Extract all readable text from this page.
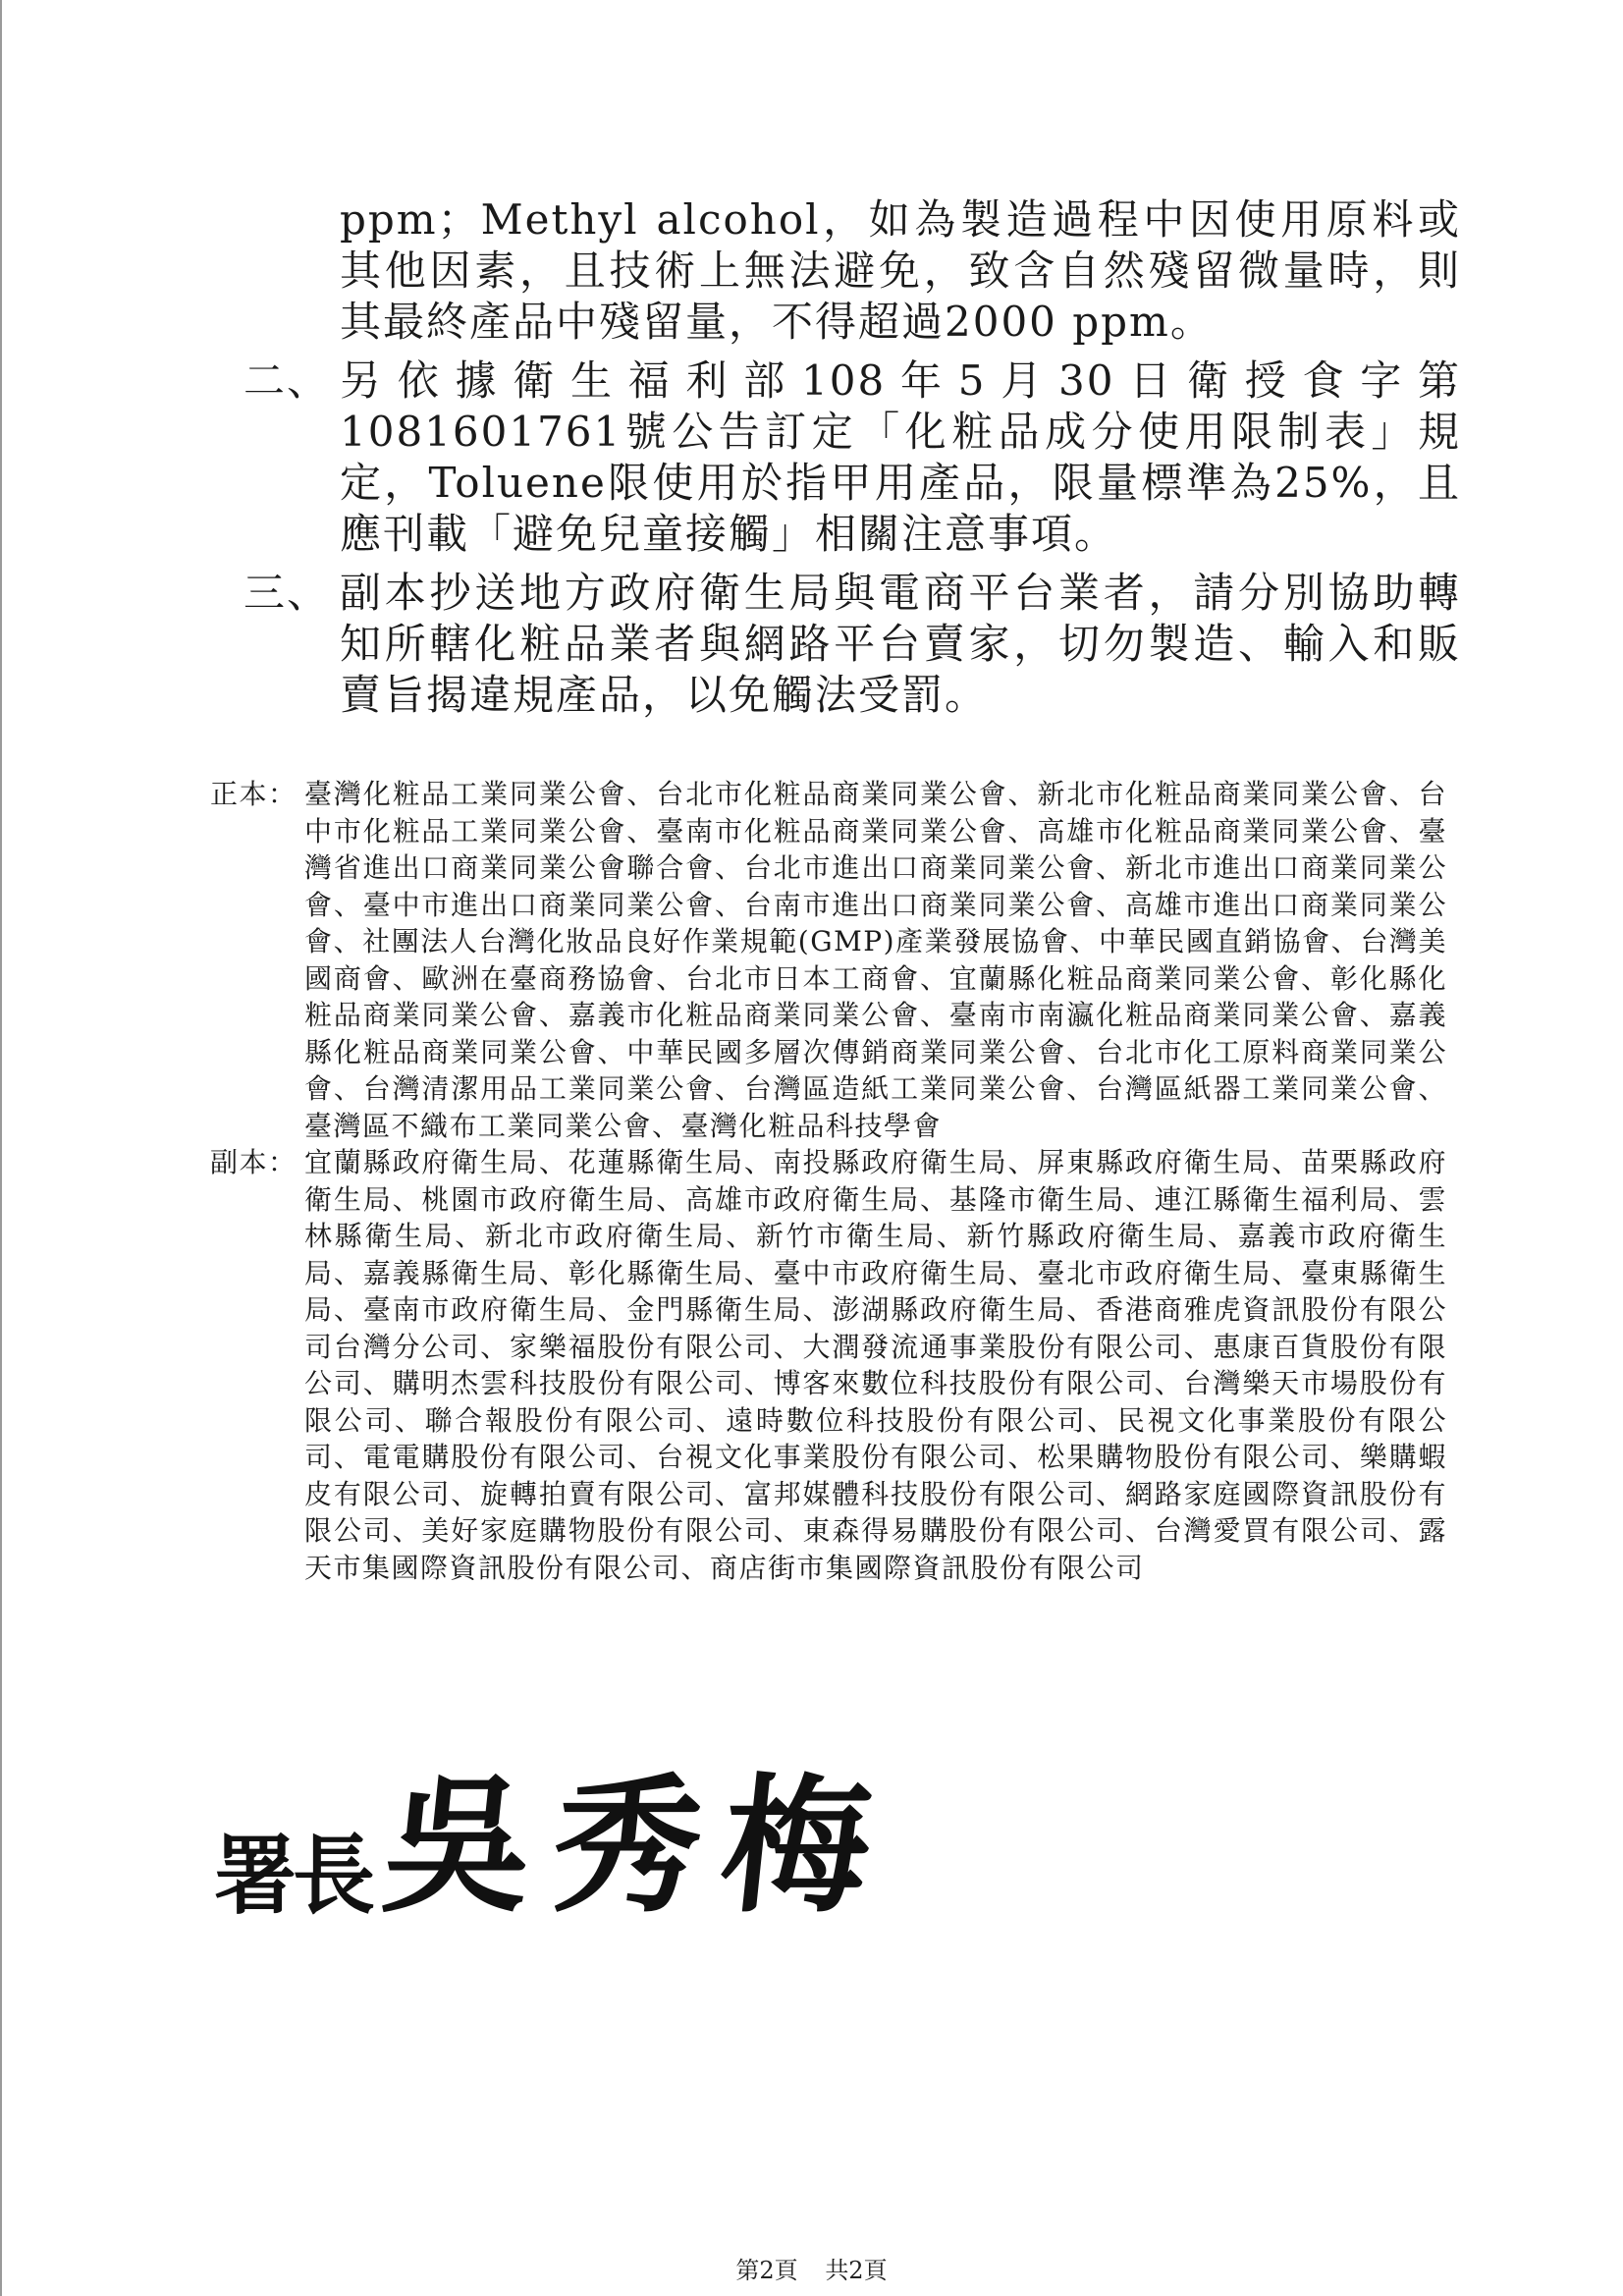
ppm；Methyl alcohol，如為製造過程中因使用原料或其他因素，且技術上無法避免，致含自然殘留微量時，則其最終產品中殘留量，不得超過2000 ppm。
二、 另依據衛生福利部108年5月30日衛授食字第1081601761號公告訂定「化粧品成分使用限制表」規定，Toluene限使用於指甲用產品，限量標準為25%，且應刊載「避免兒童接觸」相關注意事項。
三、 副本抄送地方政府衛生局與電商平台業者，請分別協助轉知所轄化粧品業者與網路平台賣家，切勿製造、輸入和販賣旨揭違規產品，以免觸法受罰。
正本： 臺灣化粧品工業同業公會、台北市化粧品商業同業公會、新北市化粧品商業同業公會、台中市化粧品工業同業公會、臺南市化粧品商業同業公會、高雄市化粧品商業同業公會、臺灣省進出口商業同業公會聯合會、台北市進出口商業同業公會、新北市進出口商業同業公會、臺中市進出口商業同業公會、台南市進出口商業同業公會、高雄市進出口商業同業公會、社團法人台灣化妝品良好作業規範(GMP)產業發展協會、中華民國直銷協會、台灣美國商會、歐洲在臺商務協會、台北市日本工商會、宜蘭縣化粧品商業同業公會、彰化縣化粧品商業同業公會、嘉義市化粧品商業同業公會、臺南市南瀛化粧品商業同業公會、嘉義縣化粧品商業同業公會、中華民國多層次傳銷商業同業公會、台北市化工原料商業同業公會、台灣清潔用品工業同業公會、台灣區造紙工業同業公會、台灣區紙器工業同業公會、臺灣區不織布工業同業公會、臺灣化粧品科技學會
副本： 宜蘭縣政府衛生局、花蓮縣衛生局、南投縣政府衛生局、屏東縣政府衛生局、苗栗縣政府衛生局、桃園市政府衛生局、高雄市政府衛生局、基隆市衛生局、連江縣衛生福利局、雲林縣衛生局、新北市政府衛生局、新竹市衛生局、新竹縣政府衛生局、嘉義市政府衛生局、嘉義縣衛生局、彰化縣衛生局、臺中市政府衛生局、臺北市政府衛生局、臺東縣衛生局、臺南市政府衛生局、金門縣衛生局、澎湖縣政府衛生局、香港商雅虎資訊股份有限公司台灣分公司、家樂福股份有限公司、大潤發流通事業股份有限公司、惠康百貨股份有限公司、購明杰雲科技股份有限公司、博客來數位科技股份有限公司、台灣樂天市場股份有限公司、聯合報股份有限公司、遠時數位科技股份有限公司、民視文化事業股份有限公司、電電購股份有限公司、台視文化事業股份有限公司、松果購物股份有限公司、樂購蝦皮有限公司、旋轉拍賣有限公司、富邦媒體科技股份有限公司、網路家庭國際資訊股份有限公司、美好家庭購物股份有限公司、東森得易購股份有限公司、台灣愛買有限公司、露天市集國際資訊股份有限公司、商店街市集國際資訊股份有限公司
署長 吳秀梅
第2頁 共2頁
